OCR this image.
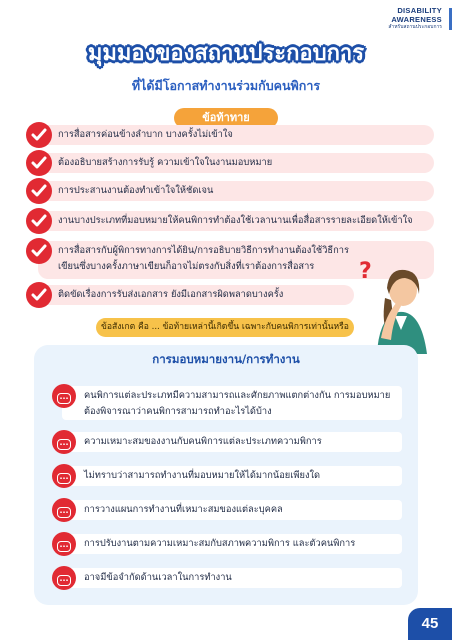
DISABILITY
AWARENESS
สำหรับสถานประกอบการ
มุมมองของสถานประกอบการ
ที่ได้มีโอกาสทำงานร่วมกับคนพิการ
ข้อท้าทาย
การสื่อสารค่อนข้างลำบาก บางครั้งไม่เข้าใจ
ต้องอธิบายสร้างการรับรู้ ความเข้าใจในงานมอบหมาย
การประสานงานต้องทำเข้าใจให้ชัดเจน
งานบางประเภทที่มอบหมายให้คนพิการทำต้องใช้เวลานานเพื่อสื่อสารรายละเอียดให้เข้าใจ
การสื่อสารกับผู้พิการทางการได้ยิน/การอธิบายวิธีการทำงานต้องใช้วิธีการเขียนซึ่งบางครั้งภาษาเขียนก็อาจไม่ตรงกับสิ่งที่เราต้องการสื่อสาร
ติดขัดเรื่องการรับส่งเอกสาร ยังมีเอกสารผิดพลาดบางครั้ง
?
ข้อสังเกต คือ ... ข้อท้ายเหล่านี้เกิดขึ้น เฉพาะกับคนพิการเท่านั้นหรือ
การมอบหมายงาน/การทำงาน
...	คนพิการแต่ละประเภทมีความสามารถและศักยภาพแตกต่างกัน การมอบหมายต้องพิจารณาว่าคนพิการสามารถทำอะไรได้บ้าง
...	ความเหมาะสมของงานกับคนพิการแต่ละประเภทความพิการ
...	ไม่ทราบว่าสามารถทำงานที่มอบหมายให้ได้มากน้อยเพียงใด
...	การวางแผนการทำงานที่เหมาะสมของแต่ละบุคคล
...	การปรับงานตามความเหมาะสมกับสภาพความพิการ และตัวคนพิการ
...	อาจมีข้อจำกัดด้านเวลาในการทำงาน
45
